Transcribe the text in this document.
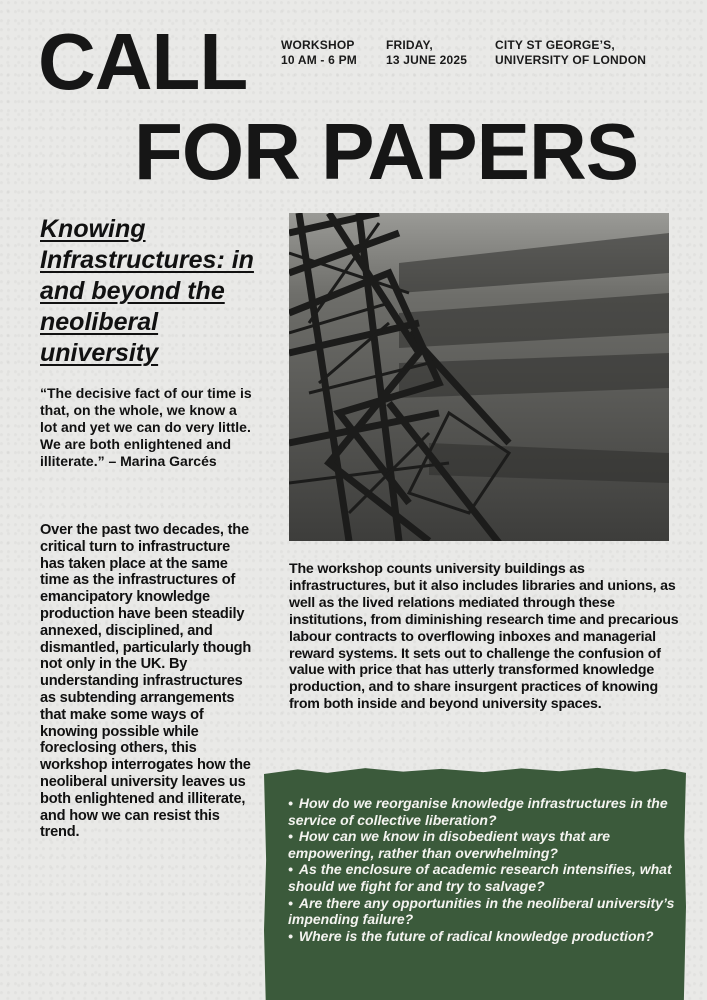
CALL
FOR PAPERS
WORKSHOP
10 AM - 6 PM
FRIDAY,
13 JUNE 2025
CITY ST GEORGE’S,
UNIVERSITY OF LONDON
Knowing Infrastructures: in and beyond the neoliberal university

“The decisive fact of our time is that, on the whole, we know a lot and yet we can do very little. We are both enlightened and illiterate.” – Marina Garcés

Over the past two decades, the critical turn to infrastructure has taken place at the same time as the infrastructures of emancipatory knowledge production have been steadily annexed, disciplined, and dismantled, particularly though not only in the UK. By understanding infrastructures as subtending arrangements that make some ways of knowing possible while foreclosing others, this workshop interrogates how the neoliberal university leaves us both enlightened and illiterate, and how we can resist this trend.

The workshop counts university buildings as infrastructures, but it also includes libraries and unions, as well as the lived relations mediated through these institutions, from diminishing research time and precarious labour contracts to overflowing inboxes and managerial reward systems. It sets out to challenge the confusion of value with price that has utterly transformed knowledge production, and to share insurgent practices of knowing from both inside and beyond university spaces.

• How do we reorganise knowledge infrastructures in the service of collective liberation?
• How can we know in disobedient ways that are empowering, rather than overwhelming?
• As the enclosure of academic research intensifies, what should we fight for and try to salvage?
• Are there any opportunities in the neoliberal university’s impending failure?
• Where is the future of radical knowledge production?
